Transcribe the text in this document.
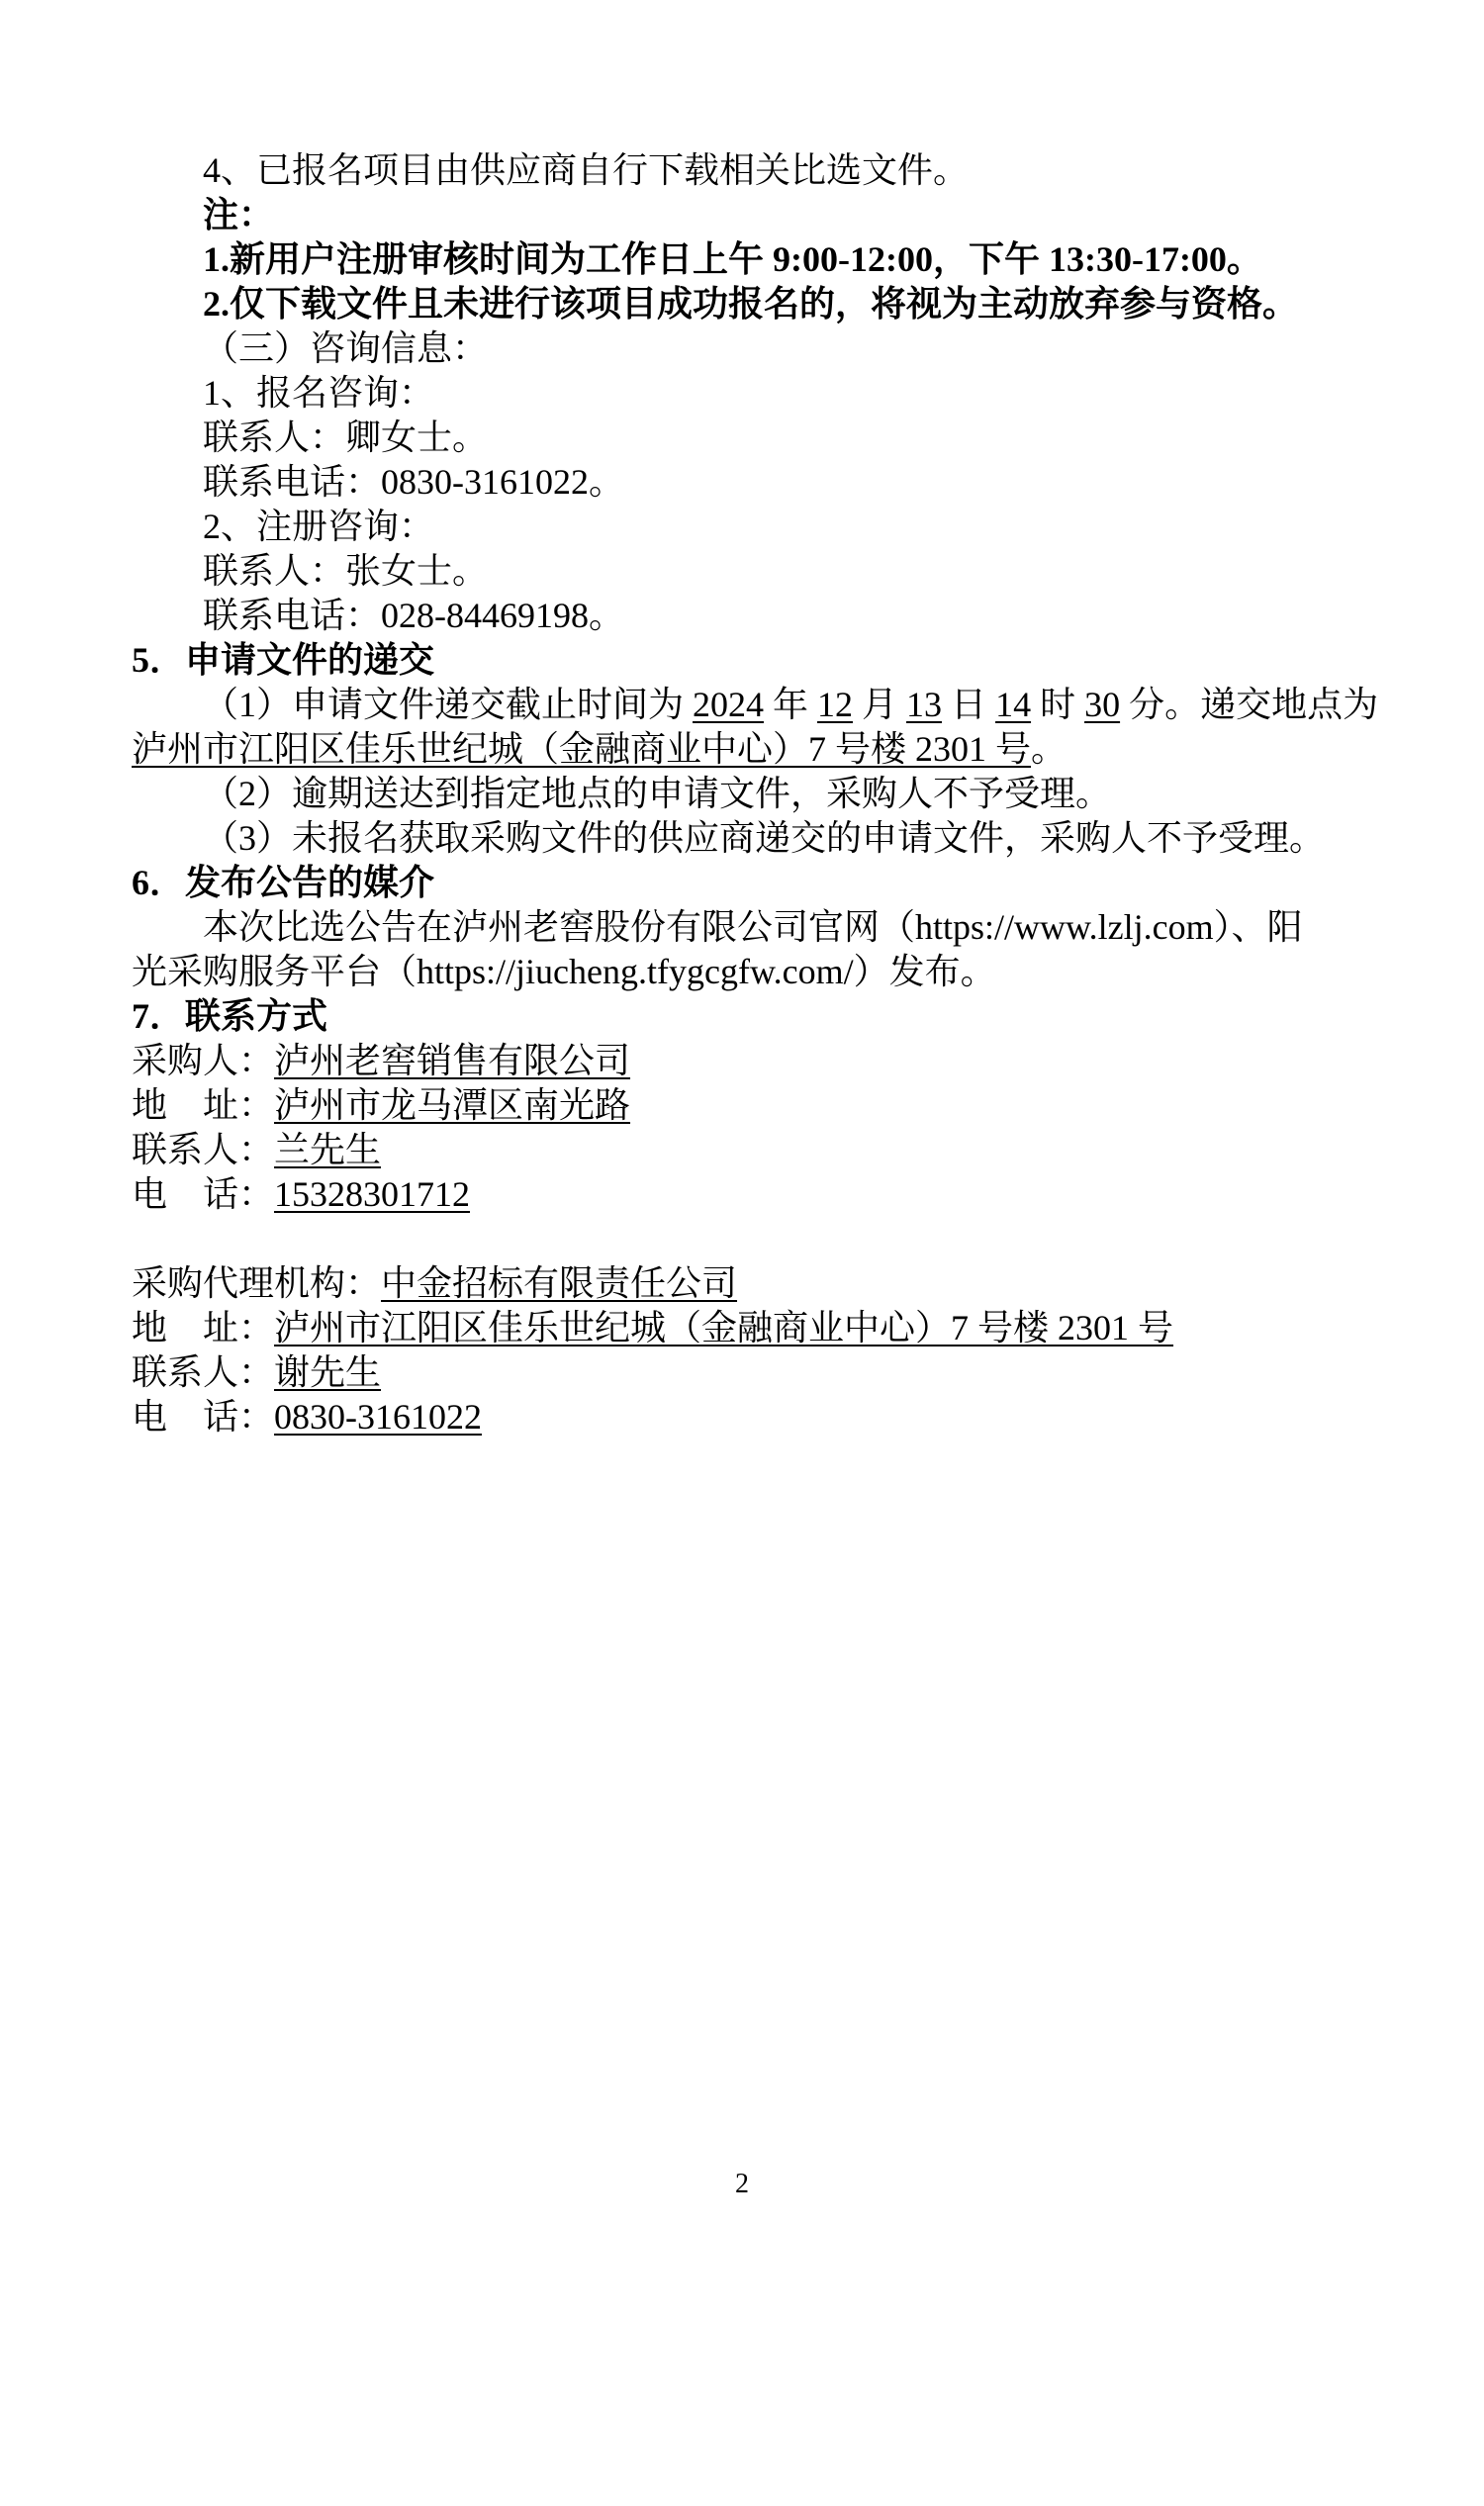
4、已报名项目由供应商自行下载相关比选文件。
注：
1.新用户注册审核时间为工作日上午 9:00-12:00，下午 13:30-17:00。
2.仅下载文件且未进行该项目成功报名的，将视为主动放弃参与资格。
（三）咨询信息：
1、报名咨询：
联系人：卿女士。
联系电话：0830-3161022。
2、注册咨询：
联系人：张女士。
联系电话：028-84469198。
5．申请文件的递交
（1）申请文件递交截止时间为 2024 年 12 月 13 日 14 时 30 分。递交地点为
泸州市江阳区佳乐世纪城（金融商业中心）7 号楼 2301 号。
（2）逾期送达到指定地点的申请文件，采购人不予受理。
（3）未报名获取采购文件的供应商递交的申请文件，采购人不予受理。
6．发布公告的媒介
本次比选公告在泸州老窖股份有限公司官网（https://www.lzlj.com）、阳
光采购服务平台（https://jiucheng.tfygcgfw.com/）发布。
7．联系方式
采购人：泸州老窖销售有限公司
地　址：泸州市龙马潭区南光路
联系人：兰先生
电　话：15328301712
采购代理机构：中金招标有限责任公司
地　址：泸州市江阳区佳乐世纪城（金融商业中心）7 号楼 2301 号
联系人：谢先生
电　话：0830-3161022
2
